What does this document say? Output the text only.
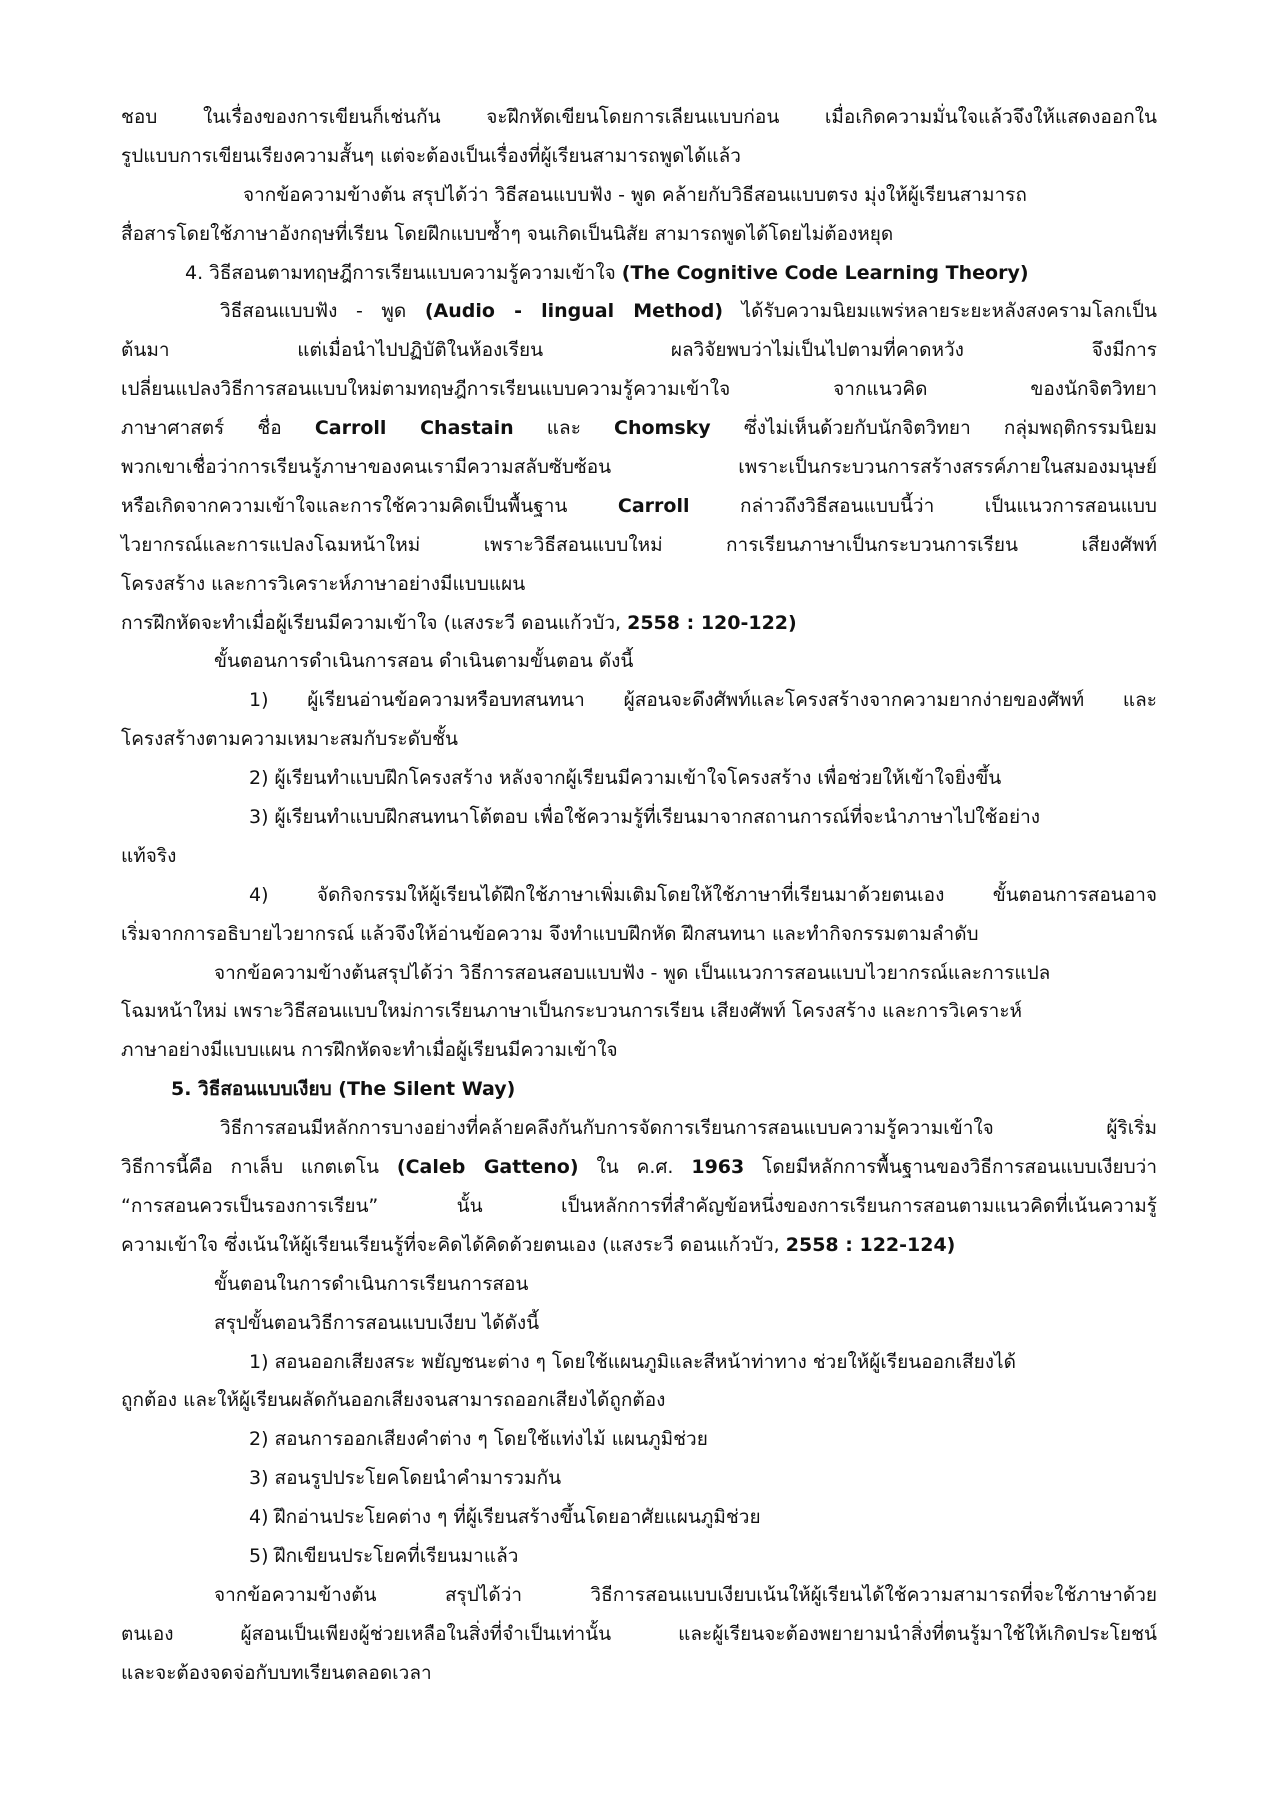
ชอบ ในเรื่องของการเขียนก็เช่นกัน จะฝึกหัดเขียนโดยการเลียนแบบก่อน เมื่อเกิดความมั่นใจแล้วจึงให้แสดงออกใน
รูปแบบการเขียนเรียงความสั้นๆ แต่จะต้องเป็นเรื่องที่ผู้เรียนสามารถพูดได้แล้ว
จากข้อความข้างต้น สรุปได้ว่า วิธีสอนแบบฟัง - พูด คล้ายกับวิธีสอนแบบตรง มุ่งให้ผู้เรียนสามารถ
สื่อสารโดยใช้ภาษาอังกฤษที่เรียน โดยฝึกแบบซ้ำๆ จนเกิดเป็นนิสัย สามารถพูดได้โดยไม่ต้องหยุด
4. วิธีสอนตามทฤษฎีการเรียนแบบความรู้ความเข้าใจ (The Cognitive Code Learning Theory)
วิธีสอนแบบฟัง - พูด (Audio - lingual Method) ได้รับความนิยมแพร่หลายระยะหลังสงครามโลกเป็น
ต้นมา แต่เมื่อนำไปปฏิบัติในห้องเรียน ผลวิจัยพบว่าไม่เป็นไปตามที่คาดหวัง จึงมีการ
เปลี่ยนแปลงวิธีการสอนแบบใหม่ตามทฤษฎีการเรียนแบบความรู้ความเข้าใจ จากแนวคิด ของนักจิตวิทยา
ภาษาศาสตร์ ชื่อ Carroll Chastain และ Chomsky ซึ่งไม่เห็นด้วยกับนักจิตวิทยา กลุ่มพฤติกรรมนิยม
พวกเขาเชื่อว่าการเรียนรู้ภาษาของคนเรามีความสลับซับซ้อน เพราะเป็นกระบวนการสร้างสรรค์ภายในสมองมนุษย์
หรือเกิดจากความเข้าใจและการใช้ความคิดเป็นพื้นฐาน Carroll กล่าวถึงวิธีสอนแบบนี้ว่า เป็นแนวการสอนแบบ
ไวยากรณ์และการแปลงโฉมหน้าใหม่ เพราะวิธีสอนแบบใหม่ การเรียนภาษาเป็นกระบวนการเรียน เสียงศัพท์
โครงสร้าง และการวิเคราะห์ภาษาอย่างมีแบบแผน
การฝึกหัดจะทำเมื่อผู้เรียนมีความเข้าใจ (แสงระวี ดอนแก้วบัว, 2558 : 120-122)
ขั้นตอนการดำเนินการสอน ดำเนินตามขั้นตอน ดังนี้
1) ผู้เรียนอ่านข้อความหรือบทสนทนา ผู้สอนจะดึงศัพท์และโครงสร้างจากความยากง่ายของศัพท์ และ
โครงสร้างตามความเหมาะสมกับระดับชั้น
2) ผู้เรียนทำแบบฝึกโครงสร้าง หลังจากผู้เรียนมีความเข้าใจโครงสร้าง เพื่อช่วยให้เข้าใจยิ่งขึ้น
3) ผู้เรียนทำแบบฝึกสนทนาโต้ตอบ เพื่อใช้ความรู้ที่เรียนมาจากสถานการณ์ที่จะนำภาษาไปใช้อย่าง
แท้จริง
4) จัดกิจกรรมให้ผู้เรียนได้ฝึกใช้ภาษาเพิ่มเติมโดยให้ใช้ภาษาที่เรียนมาด้วยตนเอง ขั้นตอนการสอนอาจ
เริ่มจากการอธิบายไวยากรณ์ แล้วจึงให้อ่านข้อความ จึงทำแบบฝึกหัด ฝึกสนทนา และทำกิจกรรมตามลำดับ
จากข้อความข้างต้นสรุปได้ว่า วิธีการสอนสอบแบบฟัง - พูด เป็นแนวการสอนแบบไวยากรณ์และการแปล
โฉมหน้าใหม่ เพราะวิธีสอนแบบใหม่การเรียนภาษาเป็นกระบวนการเรียน เสียงศัพท์ โครงสร้าง และการวิเคราะห์
ภาษาอย่างมีแบบแผน การฝึกหัดจะทำเมื่อผู้เรียนมีความเข้าใจ
5. วิธีสอนแบบเงียบ (The Silent Way)
วิธีการสอนมีหลักการบางอย่างที่คล้ายคลึงกันกับการจัดการเรียนการสอนแบบความรู้ความเข้าใจ ผู้ริเริ่ม
วิธีการนี้คือ กาเล็บ แกตเตโน (Caleb Gatteno) ใน ค.ศ. 1963 โดยมีหลักการพื้นฐานของวิธีการสอนแบบเงียบว่า
“การสอนควรเป็นรองการเรียน” นั้น เป็นหลักการที่สำคัญข้อหนึ่งของการเรียนการสอนตามแนวคิดที่เน้นความรู้
ความเข้าใจ ซึ่งเน้นให้ผู้เรียนเรียนรู้ที่จะคิดได้คิดด้วยตนเอง (แสงระวี ดอนแก้วบัว, 2558 : 122-124)
ขั้นตอนในการดำเนินการเรียนการสอน
สรุปขั้นตอนวิธีการสอนแบบเงียบ ได้ดังนี้
1) สอนออกเสียงสระ พยัญชนะต่าง ๆ โดยใช้แผนภูมิและสีหน้าท่าทาง ช่วยให้ผู้เรียนออกเสียงได้
ถูกต้อง และให้ผู้เรียนผลัดกันออกเสียงจนสามารถออกเสียงได้ถูกต้อง
2) สอนการออกเสียงคำต่าง ๆ โดยใช้แท่งไม้ แผนภูมิช่วย
3) สอนรูปประโยคโดยนำคำมารวมกัน
4) ฝึกอ่านประโยคต่าง ๆ ที่ผู้เรียนสร้างขึ้นโดยอาศัยแผนภูมิช่วย
5) ฝึกเขียนประโยคที่เรียนมาแล้ว
จากข้อความข้างต้น สรุปได้ว่า วิธีการสอนแบบเงียบเน้นให้ผู้เรียนได้ใช้ความสามารถที่จะใช้ภาษาด้วย
ตนเอง ผู้สอนเป็นเพียงผู้ช่วยเหลือในสิ่งที่จำเป็นเท่านั้น และผู้เรียนจะต้องพยายามนำสิ่งที่ตนรู้มาใช้ให้เกิดประโยชน์
และจะต้องจดจ่อกับบทเรียนตลอดเวลา
